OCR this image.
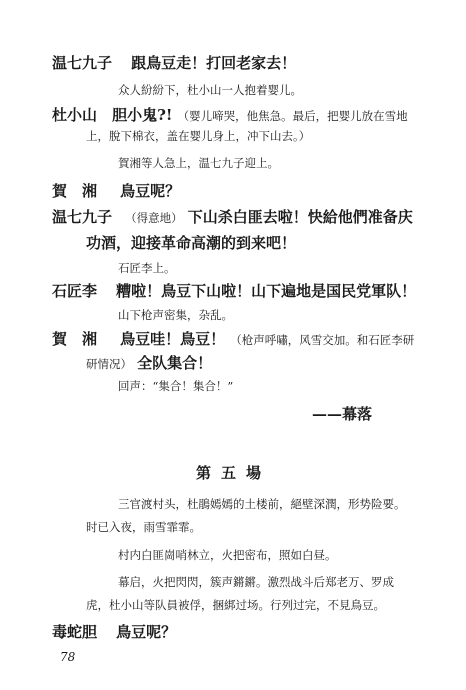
温七九子 跟鳥豆走！打回老家去！
众人紛紛下，杜小山一人抱着婴儿。
杜小山 胆小鬼?! （婴儿啼哭，他焦急。最后，把婴儿放在雪地
上，脫下棉衣，盖在婴儿身上，冲下山去。）
賀湘等人急上，温七九子迎上。
賀　湘 鳥豆呢？
温七九子 （得意地） 下山杀白匪去啦！快給他們准备庆
功酒，迎接革命高潮的到来吧！
石匠李上。
石匠李 糟啦！鳥豆下山啦！山下遍地是国民党軍队！
山下枪声密集，杂乱。
賀　湘 鳥豆哇！鳥豆！ （枪声呼嘯，风雪交加。和石匠李研
研情况） 全队集合！
回声：“集合！集合！”
——幕落
第五場
三官渡村头，杜鵑嫣嫣的土楼前，絕壁深潤，形势险要。
时已入夜，雨雪霏霏。
村内白匪崗哨林立，火把密布，照如白昼。
幕启，火把閃閃，簇声鏘鏘。激烈战斗后郑老万、罗成
虎，杜小山等队員被俘，捆綁过场。行列过完，不見鳥豆。
毒蛇胆 鳥豆呢？
78
